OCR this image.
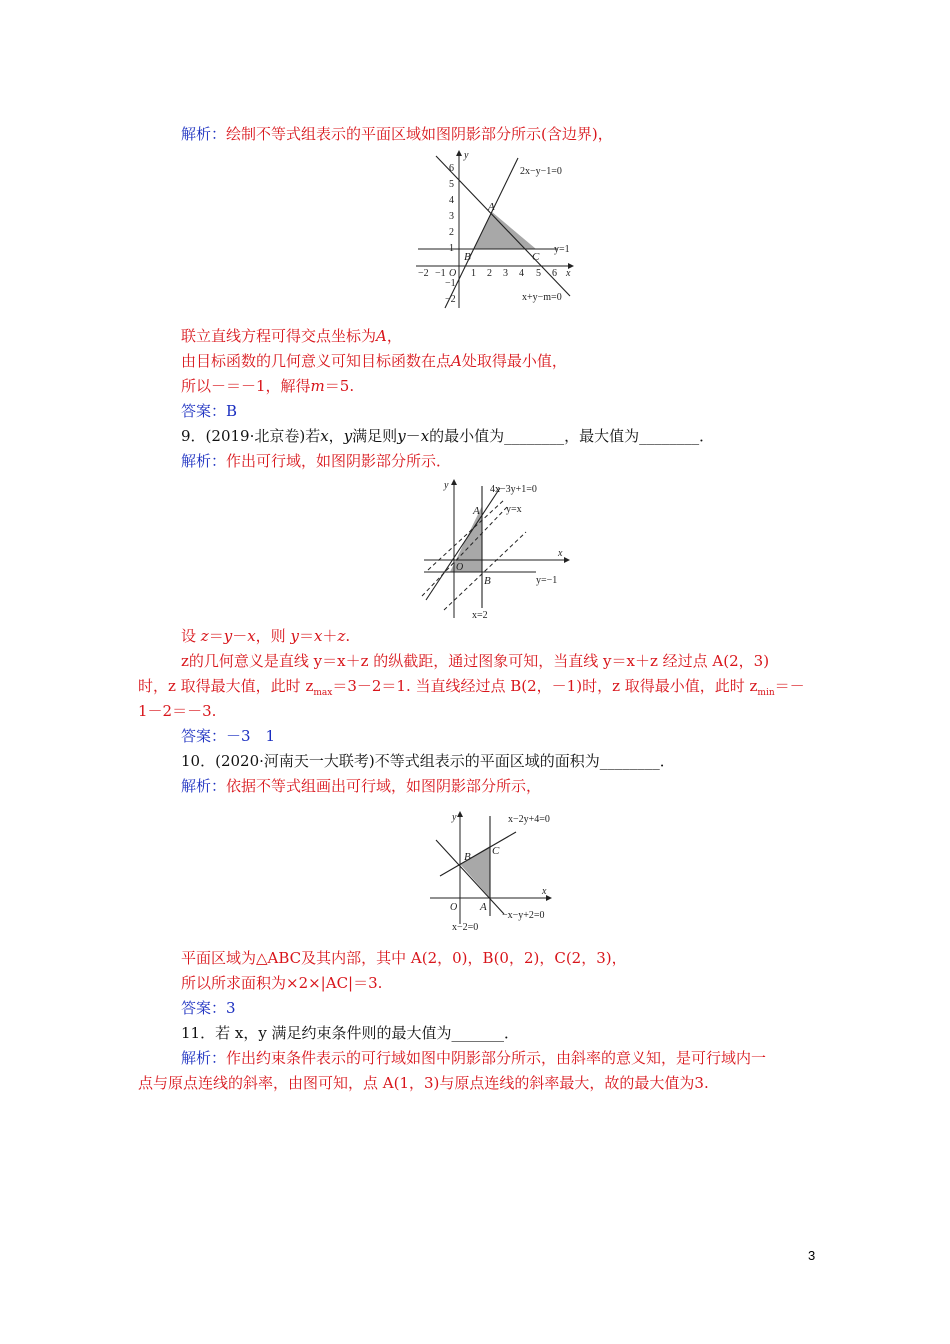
解析：绘制不等式组表示的平面区域如图阴影部分所示(含边界)，
2x−y−1=0
y=1
x+y−m=0
A
B	C
y
x
O
6
5
4
3
2
1
−1
−2
−2 −1	1 2 3 4 5 6
联立直线方程可得交点坐标为A，
由目标函数的几何意义可知目标函数在点A处取得最小值，
所以－＝－1，解得m＝5.
答案：B
9．(2019·北京卷)若x，y满足则y－x的最小值为________，最大值为________．
解析：作出可行域，如图阴影部分所示．
4x−3y+1=0
y=x
y=−1
x=2
A
B
y
x
O
设 z＝y－x，则 y＝x＋z.
z的几何意义是直线 y＝x＋z 的纵截距，通过图象可知，当直线 y＝x＋z 经过点 A(2，3)
时，z 取得最大值，此时 $z_{max}=3-2=1$. 当直线经过点 B(2，－1)时，z 取得最小值，此时 $z_{min}=-$
1－2＝－3.
答案：－3　1
10．(2020·河南天一大联考)不等式组表示的平面区域的面积为________．
解析：依据不等式组画出可行域，如图阴影部分所示，
x−2y+4=0
−x−y+2=0
x−2=0
A
B C
y
x
O
平面区域为△ABC及其内部，其中 A(2，0)，B(0，2)，C(2，3)，
所以所求面积为×2×|AC|＝3.
答案：3
11．若 x，y 满足约束条件则的最大值为_______．
解析：作出约束条件表示的可行域如图中阴影部分所示，由斜率的意义知，是可行域内一
点与原点连线的斜率，由图可知，点 A(1，3)与原点连线的斜率最大，故的最大值为3.
3
